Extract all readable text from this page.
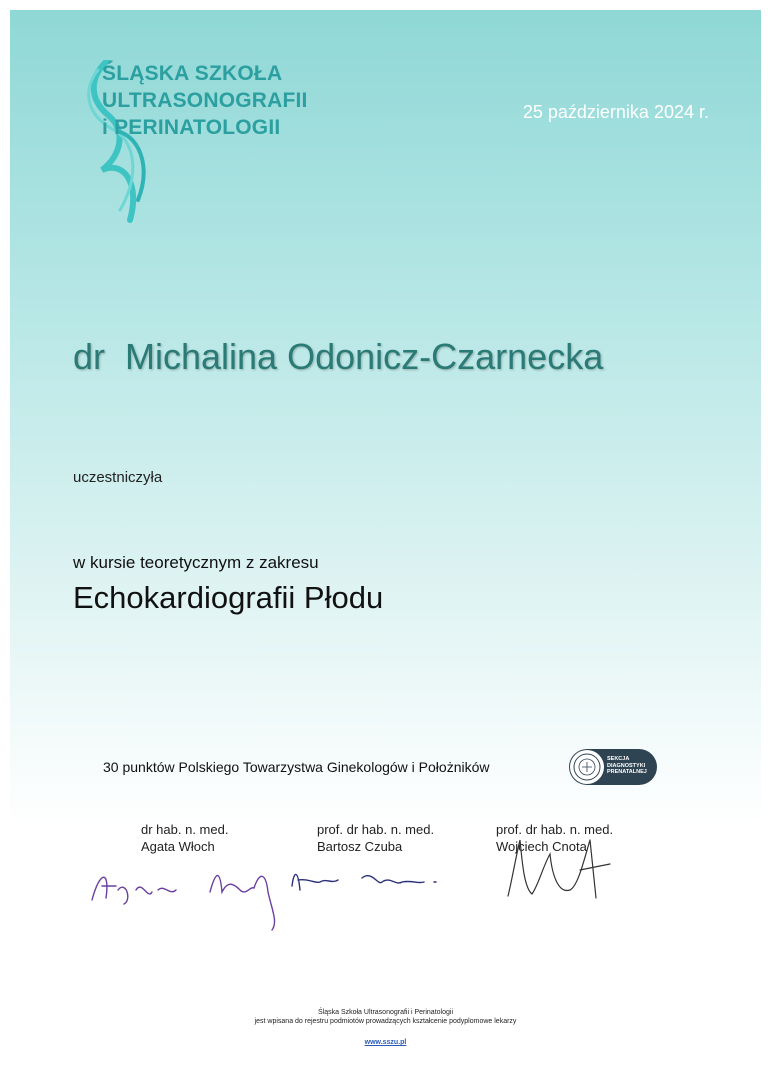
ŚLĄSKA SZKOŁA
ULTRASONOGRAFII
i PERINATOLOGII
25 października 2024 r.
dr  Michalina Odonicz-Czarnecka
uczestniczyła
w kursie teoretycznym z zakresu
Echokardiografii Płodu
30 punktów Polskiego Towarzystwa Ginekologów i Położników	SEKCJA
DIAGNOSTYKI
PRENATALNEJ
dr hab. n. med.
Agata Włoch
prof. dr hab. n. med.
Bartosz Czuba
prof. dr hab. n. med.
Wojciech Cnota
Śląska Szkoła Ultrasonografii i Perinatologii
jest wpisana do rejestru podmiotów prowadzących kształcenie podyplomowe lekarzy
www.sszu.pl
